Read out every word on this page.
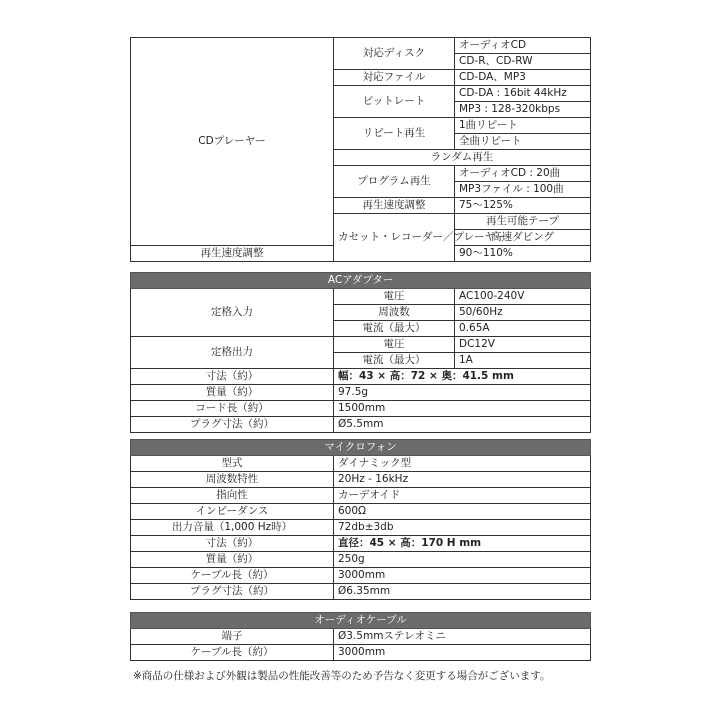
CDプレーヤー	対応ディスク	オーディオCD	
		CD-R、CD-RW	
	対応ファイル	CD-DA、MP3	
	ビットレート	CD-DA : 16bit 44kHz	
		MP3 : 128-320kbps	
	リピート再生	1曲リピート	
		全曲リピート	
	ランダム再生		
	プログラム再生	オーディオCD : 20曲	
		MP3ファイル : 100曲	
	再生速度調整	75〜125%	
	カセット・レコーダー／プレーヤー	再生可能テープ	
		高速ダビング	
再生速度調整		90〜110%	
ACアダプター		
定格入力	電圧	AC100-240V
	周波数	50/60Hz
	電流（最大）	0.65A
定格出力	電圧	DC12V
	電流（最大）	1A
寸法（約）	幅：43 × 高：72 × 奥：41.5 mm	
質量（約）	97.5g	
コード長（約）	1500mm	
プラグ寸法（約）	Ø5.5mm	
マイクロフォン	
型式	ダイナミック型
周波数特性	20Hz - 16kHz
指向性	カーデオイド
インピーダンス	600Ω
出力音量（1,000 Hz時）	72db±3db
寸法（約）	直径：45 × 高：170 H mm
質量（約）	250g
ケーブル長（約）	3000mm
プラグ寸法（約）	Ø6.35mm
オーディオケーブル	
端子	Ø3.5mmステレオミニ
ケーブル長（約）	3000mm
※商品の仕様および外観は製品の性能改善等のため予告なく変更する場合がございます。
